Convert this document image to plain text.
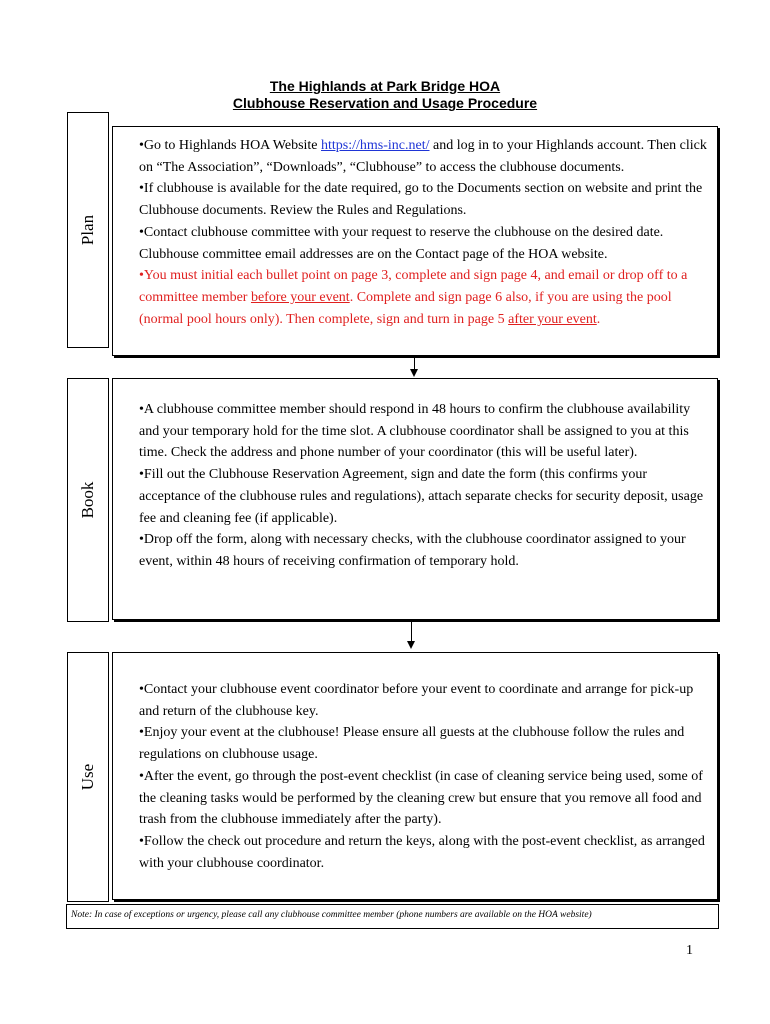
The Highlands at Park Bridge HOA
Clubhouse Reservation and Usage Procedure
Plan

•Go to Highlands HOA Website https://hms-inc.net/ and log in to your Highlands account. Then click on “The Association”, “Downloads”, “Clubhouse” to access the clubhouse documents.

•If clubhouse is available for the date required, go to the Documents section on website and print the Clubhouse documents. Review the Rules and Regulations.

•Contact clubhouse committee with your request to reserve the clubhouse on the desired date. Clubhouse committee email addresses are on the Contact page of the HOA website.

•You must initial each bullet point on page 3, complete and sign page 4, and email or drop off to a committee member before your event. Complete and sign page 6 also, if you are using the pool (normal pool hours only). Then complete, sign and turn in page 5 after your event.

Book

•A clubhouse committee member should respond in 48 hours to confirm the clubhouse availability and your temporary hold for the time slot. A clubhouse coordinator shall be assigned to you at this time. Check the address and phone number of your coordinator (this will be useful later).

•Fill out the Clubhouse Reservation Agreement, sign and date the form (this confirms your acceptance of the clubhouse rules and regulations), attach separate checks for security deposit, usage fee and cleaning fee (if applicable).

•Drop off the form, along with necessary checks, with the clubhouse coordinator assigned to your event, within 48 hours of receiving confirmation of temporary hold.

Use

•Contact your clubhouse event coordinator before your event to coordinate and arrange for pick-up and return of the clubhouse key.

•Enjoy your event at the clubhouse! Please ensure all guests at the clubhouse follow the rules and regulations on clubhouse usage.

•After the event, go through the post-event checklist (in case of cleaning service being used, some of the cleaning tasks would be performed by the cleaning crew but ensure that you remove all food and trash from the clubhouse immediately after the party).

•Follow the check out procedure and return the keys, along with the post-event checklist, as arranged with your clubhouse coordinator.

Note: In case of exceptions or urgency, please call any clubhouse committee member (phone numbers are available on the HOA website)
1
